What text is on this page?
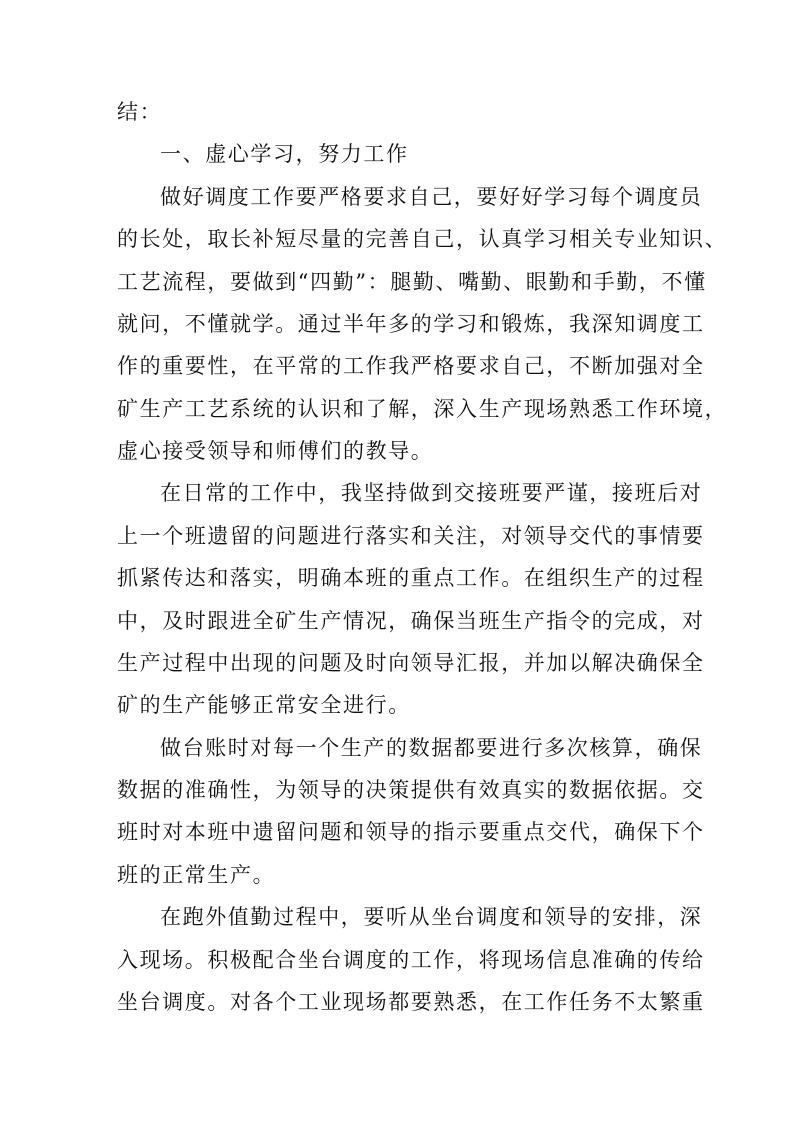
结：
一、虚心学习，努力工作
做好调度工作要严格要求自己，要好好学习每个调度员
的长处，取长补短尽量的完善自己，认真学习相关专业知识、
工艺流程，要做到“四勤”：腿勤、嘴勤、眼勤和手勤，不懂
就问，不懂就学。通过半年多的学习和锻炼，我深知调度工
作的重要性，在平常的工作我严格要求自己，不断加强对全
矿生产工艺系统的认识和了解，深入生产现场熟悉工作环境，
虚心接受领导和师傅们的教导。
在日常的工作中，我坚持做到交接班要严谨，接班后对
上一个班遗留的问题进行落实和关注，对领导交代的事情要
抓紧传达和落实，明确本班的重点工作。在组织生产的过程
中，及时跟进全矿生产情况，确保当班生产指令的完成，对
生产过程中出现的问题及时向领导汇报，并加以解决确保全
矿的生产能够正常安全进行。
做台账时对每一个生产的数据都要进行多次核算，确保
数据的准确性，为领导的决策提供有效真实的数据依据。交
班时对本班中遗留问题和领导的指示要重点交代，确保下个
班的正常生产。
在跑外值勤过程中，要听从坐台调度和领导的安排，深
入现场。积极配合坐台调度的工作，将现场信息准确的传给
坐台调度。对各个工业现场都要熟悉，在工作任务不太繁重
